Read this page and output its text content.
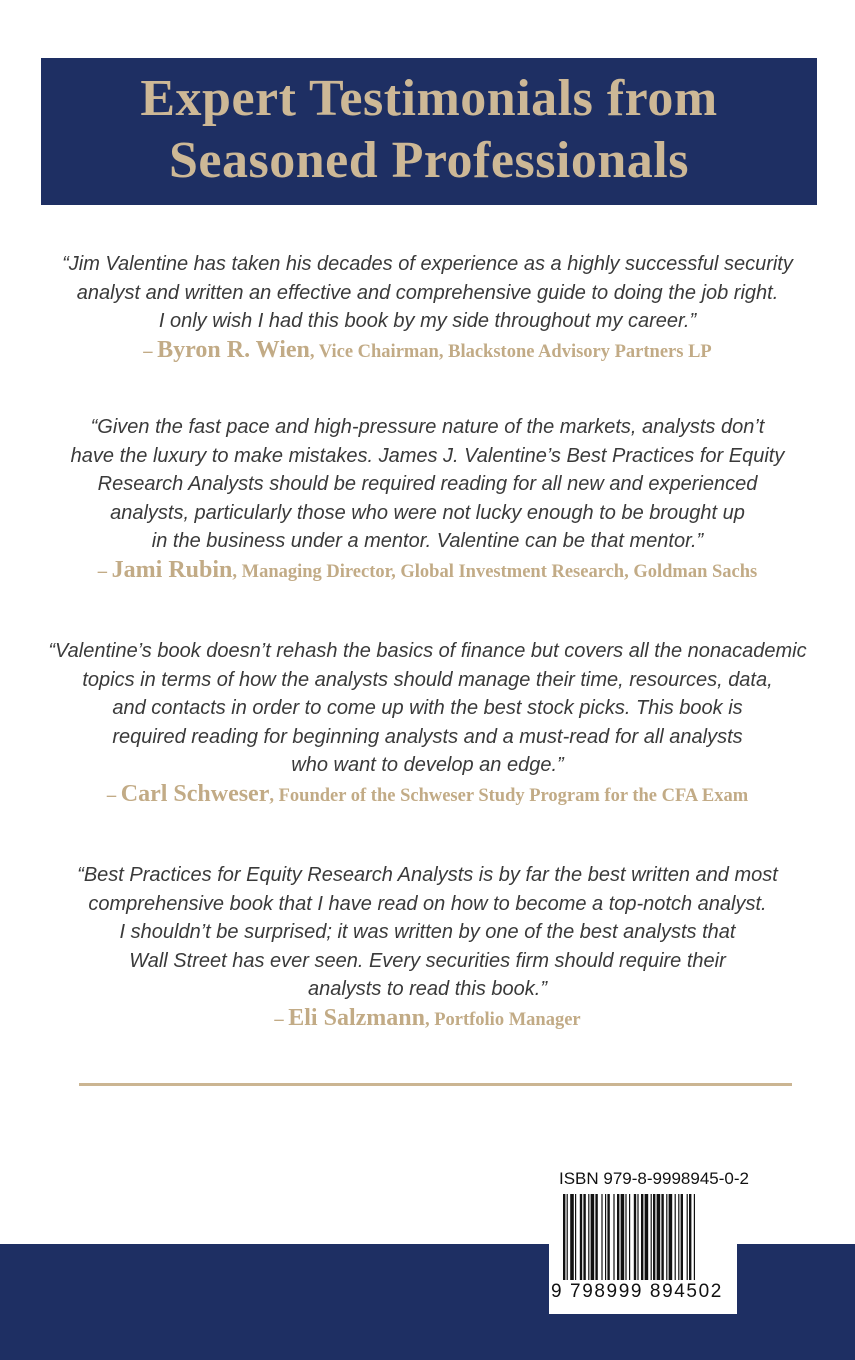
Expert Testimonials from
Seasoned Professionals

“Jim Valentine has taken his decades of experience as a highly successful security
analyst and written an effective and comprehensive guide to doing the job right.
I only wish I had this book by my side throughout my career.”

– Byron R. Wien, Vice Chairman, Blackstone Advisory Partners LP

“Given the fast pace and high-pressure nature of the markets, analysts don’t
have the luxury to make mistakes. James J. Valentine’s Best Practices for Equity
Research Analysts should be required reading for all new and experienced
analysts, particularly those who were not lucky enough to be brought up
in the business under a mentor. Valentine can be that mentor.”

– Jami Rubin, Managing Director, Global Investment Research, Goldman Sachs

“Valentine’s book doesn’t rehash the basics of finance but covers all the nonacademic
topics in terms of how the analysts should manage their time, resources, data,
and contacts in order to come up with the best stock picks. This book is
required reading for beginning analysts and a must-read for all analysts
who want to develop an edge.”

– Carl Schweser, Founder of the Schweser Study Program for the CFA Exam

“Best Practices for Equity Research Analysts is by far the best written and most
comprehensive book that I have read on how to become a top-notch analyst.
I shouldn’t be surprised; it was written by one of the best analysts that
Wall Street has ever seen. Every securities firm should require their
analysts to read this book.”

– Eli Salzmann, Portfolio Manager

ISBN 979-8-9998945-0-2

9 798999 894502
